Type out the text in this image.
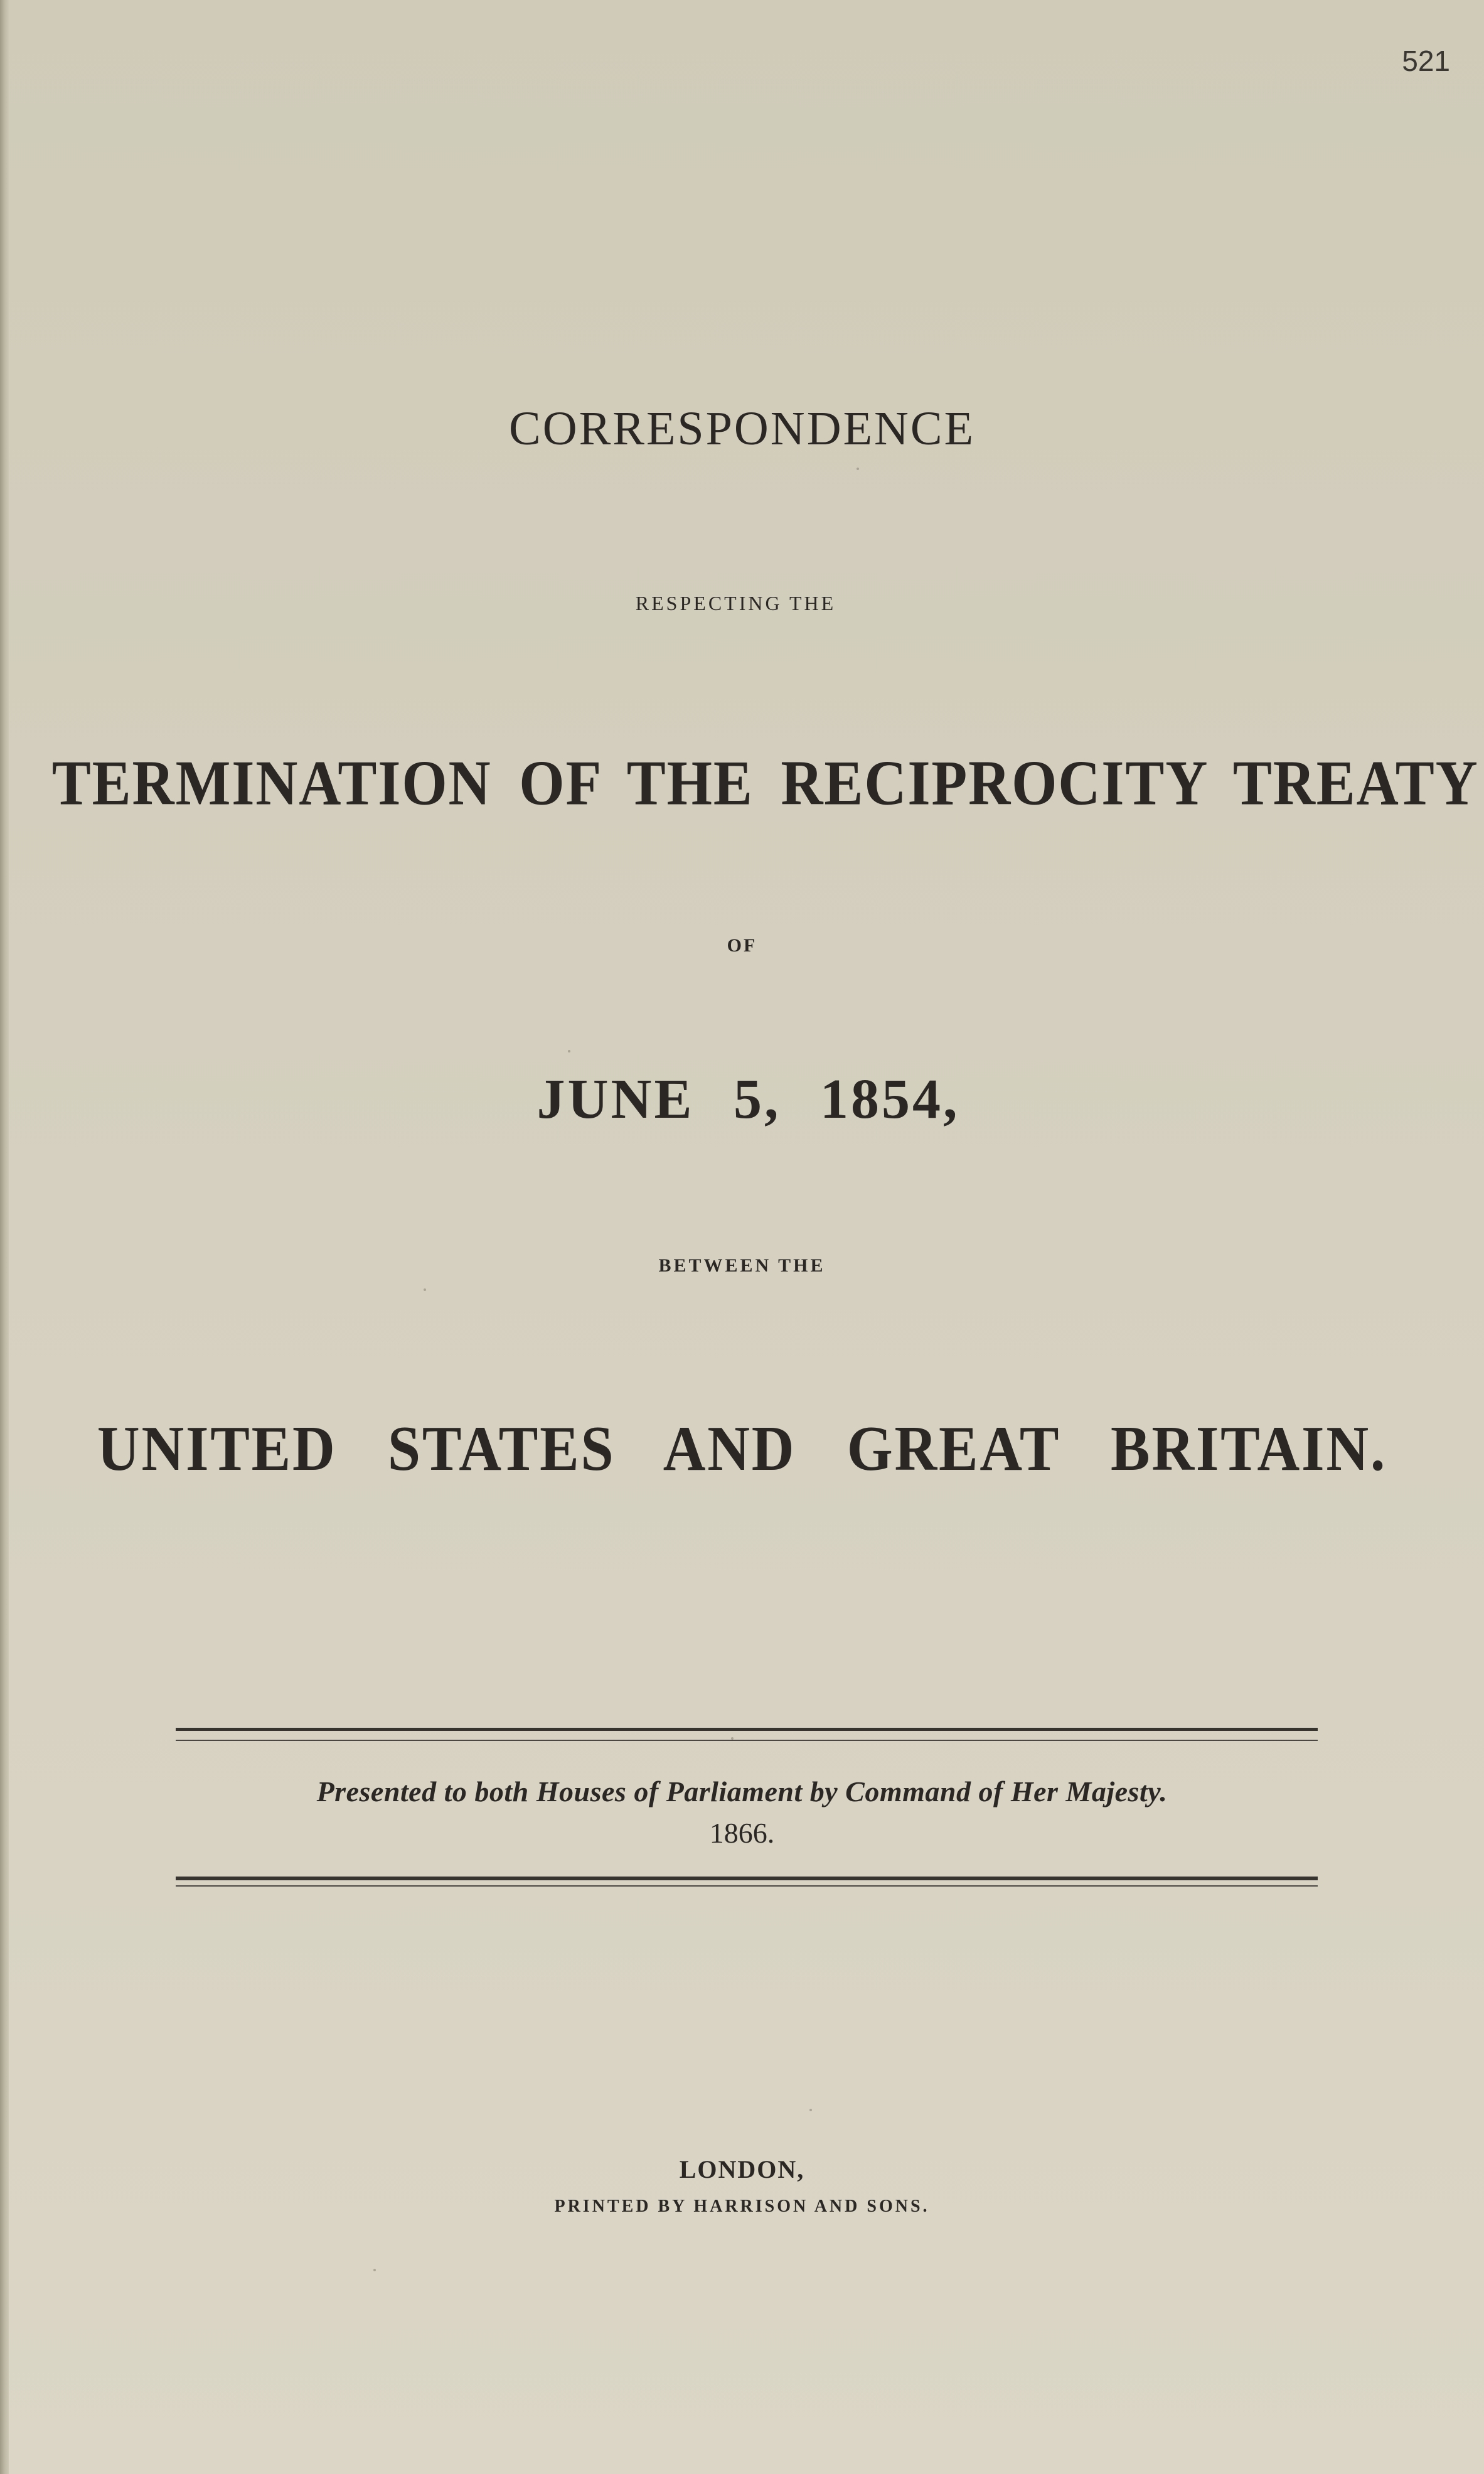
521
CORRESPONDENCE
RESPECTING THE
TERMINATION OF THE RECIPROCITY TREATY
OF
JUNE 5, 1854,
BETWEEN THE
UNITED STATES AND GREAT BRITAIN.
Presented to both Houses of Parliament by Command of Her Majesty.
1866.
LONDON,
PRINTED BY HARRISON AND SONS.
